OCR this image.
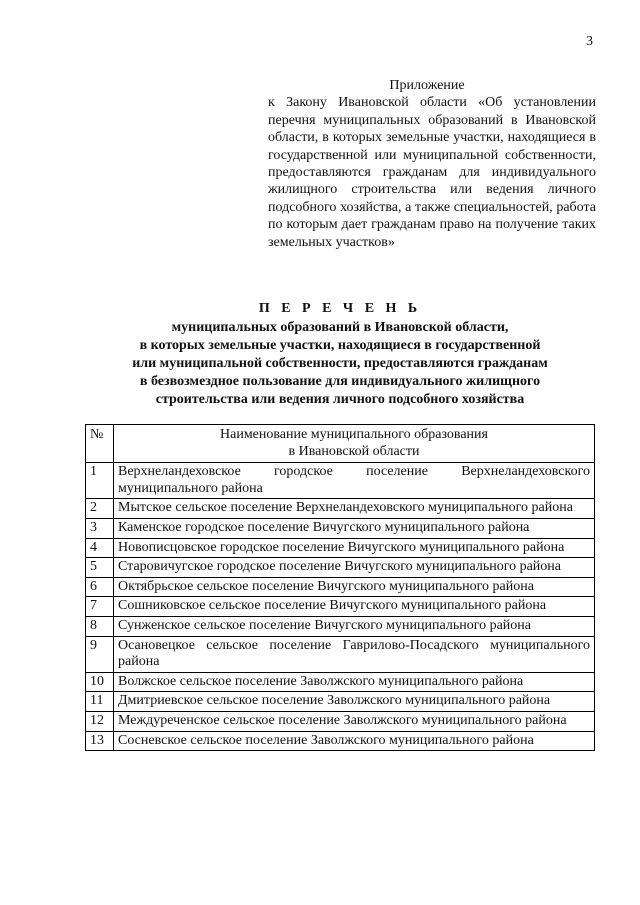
3
Приложение
к Закону Ивановской области «Об установлении перечня муниципальных образований в Ивановской области, в которых земельные участки, находящиеся в государственной или муниципальной собственности, предоставляются гражданам для индивидуального жилищного строительства или ведения личного подсобного хозяйства, а также специальностей, работа по которым дает гражданам право на получение таких земельных участков»
П Е Р Е Ч Е Н Ь
муниципальных образований в Ивановской области,
в которых земельные участки, находящиеся в государственной
или муниципальной собственности, предоставляются гражданам
в безвозмездное пользование для индивидуального жилищного
строительства или ведения личного подсобного хозяйства
№	Наименование муниципального образования
в Ивановской области

1	Верхнеландеховское городское поселение Верхнеландеховского муниципального района
2	Мытское сельское поселение Верхнеландеховского муниципального района
3	Каменское городское поселение Вичугского муниципального района
4	Новописцовское городское поселение Вичугского муниципального района
5	Старовичугское городское поселение Вичугского муниципального района
6	Октябрьское сельское поселение Вичугского муниципального района
7	Сошниковское сельское поселение Вичугского муниципального района
8	Сунженское сельское поселение Вичугского муниципального района
9	Осановецкое сельское поселение Гаврилово-Посадского муниципального района
10	Волжское сельское поселение Заволжского муниципального района
11	Дмитриевское сельское поселение Заволжского муниципального района
12	Междуреченское сельское поселение Заволжского муниципального района
13	Сосневское сельское поселение Заволжского муниципального района
